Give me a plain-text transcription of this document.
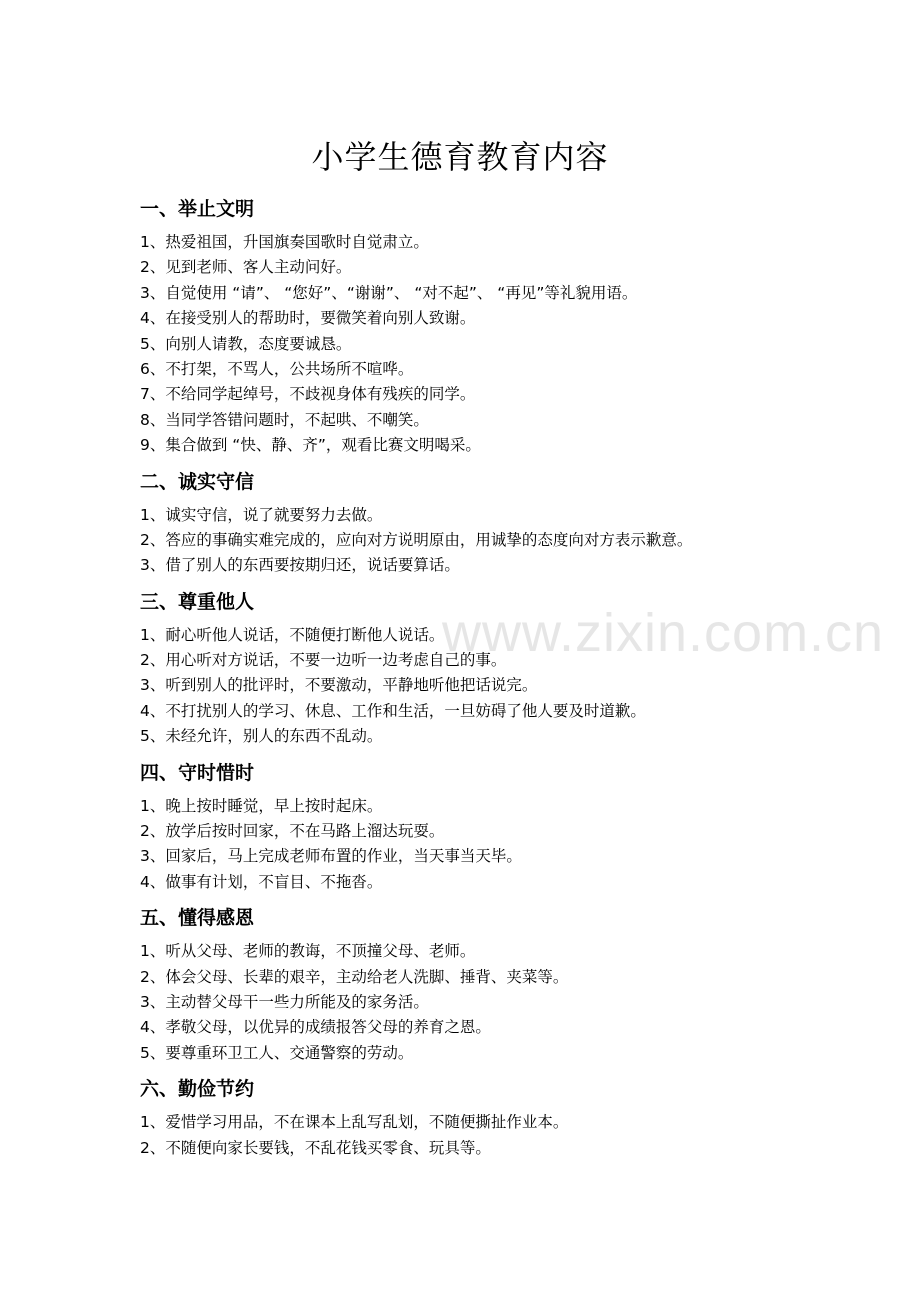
www.zixin.com.cn
小学生德育教育内容
一、举止文明
1、热爱祖国，升国旗奏国歌时自觉肃立。
2、见到老师、客人主动问好。
3、自觉使用 “请”、 “您好”、“谢谢”、 “对不起”、 “再见”等礼貌用语。
4、在接受别人的帮助时，要微笑着向别人致谢。
5、向别人请教，态度要诚恳。
6、不打架，不骂人，公共场所不喧哗。
7、不给同学起绰号，不歧视身体有残疾的同学。
8、当同学答错问题时，不起哄、不嘲笑。
9、集合做到 “快、静、齐”，观看比赛文明喝采。
二、诚实守信
1、诚实守信，说了就要努力去做。
2、答应的事确实难完成的，应向对方说明原由，用诚挚的态度向对方表示歉意。
3、借了别人的东西要按期归还，说话要算话。
三、尊重他人
1、耐心听他人说话，不随便打断他人说话。
2、用心听对方说话，不要一边听一边考虑自己的事。
3、听到别人的批评时，不要激动，平静地听他把话说完。
4、不打扰别人的学习、休息、工作和生活，一旦妨碍了他人要及时道歉。
5、未经允许，别人的东西不乱动。
四、守时惜时
1、晚上按时睡觉，早上按时起床。
2、放学后按时回家，不在马路上溜达玩耍。
3、回家后，马上完成老师布置的作业，当天事当天毕。
4、做事有计划，不盲目、不拖沓。
五、懂得感恩
1、听从父母、老师的教诲，不顶撞父母、老师。
2、体会父母、长辈的艰辛，主动给老人洗脚、捶背、夹菜等。
3、主动替父母干一些力所能及的家务活。
4、孝敬父母，以优异的成绩报答父母的养育之恩。
5、要尊重环卫工人、交通警察的劳动。
六、勤俭节约
1、爱惜学习用品，不在课本上乱写乱划，不随便撕扯作业本。
2、不随便向家长要钱，不乱花钱买零食、玩具等。
